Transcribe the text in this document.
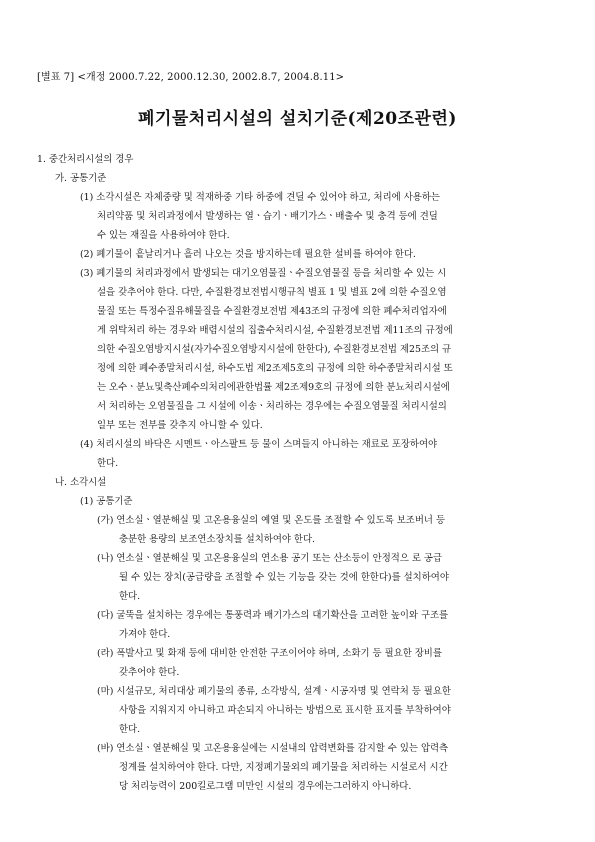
[별표 7] <개정 2000.7.22, 2000.12.30, 2002.8.7, 2004.8.11>
폐기물처리시설의 설치기준(제20조관련)
1. 중간처리시설의 경우
가. 공통기준
(1) 소각시설은 자체중량 및 적재하중 기타 하중에 견딜 수 있어야 하고, 처리에 사용하는
처리약품 및 처리과정에서 발생하는 열ㆍ습기ㆍ배기가스ㆍ배출수 및 충격 등에 견딜
수 있는 재질을 사용하여야 한다.
(2) 폐기물이 흩날리거나 흘러 나오는 것을 방지하는데 필요한 설비를 하여야 한다.
(3) 폐기물의 처리과정에서 발생되는 대기오염물질ㆍ수질오염물질 등을 처리할 수 있는 시
설을 갖추어야 한다. 다만, 수질환경보전법시행규칙 별표 1 및 별표 2에 의한 수질오염
물질 또는 특정수질유해물질을 수질환경보전법 제43조의 규정에 의한 폐수처리업자에
게 위탁처리 하는 경우와 배렴시설의 집출수처리시설, 수질환경보전법 제11조의 규정에
의한 수질오염방지시설(자가수질오염방지시설에 한한다), 수질환경보전법 제25조의 규
정에 의한 폐수종말처리시설, 하수도법 제2조제5호의 규정에 의한 하수종말처리시설 또
는 오수ㆍ분뇨및축산폐수의처리에관한법률 제2조제9호의 규정에 의한 분뇨처리시설에
서 처리하는 오염물질을 그 시설에 이송ㆍ처리하는 경우에는 수질오염물질 처리시설의
일부 또는 전부를 갖추지 아니할 수 있다.
(4) 처리시설의 바닥은 시멘트ㆍ아스팔트 등 물이 스며들지 아니하는 재료로 포장하여야
한다.
나. 소각시설
(1) 공통기준
(가) 연소실ㆍ열분해실 및 고온용융실의 예열 및 온도를 조절할 수 있도록 보조버너 등
충분한 용량의 보조연소장치를 설치하여야 한다.
(나) 연소실ㆍ열분해실 및 고온용융실의 연소용 공기 또는 산소등이 안정적으 로 공급
될 수 있는 장치(공급량을 조절할 수 있는 기능을 갖는 것에 한한다)를 설치하여야
한다.
(다) 굴뚝을 설치하는 경우에는 통풍력과 배기가스의 대기확산을 고려한 높이와 구조를
가져야 한다.
(라) 폭발사고 및 화재 등에 대비한 안전한 구조이어야 하며, 소화기 등 필요한 장비를
갖추어야 한다.
(마) 시설규모, 처리대상 폐기물의 종류, 소각방식, 설계ㆍ시공자명 및 연락처 등 필요한
사항을 지워지지 아니하고 파손되지 아니하는 방법으로 표시한 표지를 부착하여야
한다.
(바) 연소실ㆍ열분해실 및 고온용융실에는 시설내의 압력변화를 감지할 수 있는 압력측
정계를 설치하여야 한다. 다만, 지정폐기물외의 폐기물을 처리하는 시설로서 시간
당 처리능력이 200킬로그램 미만인 시설의 경우에는그러하지 아니하다.
